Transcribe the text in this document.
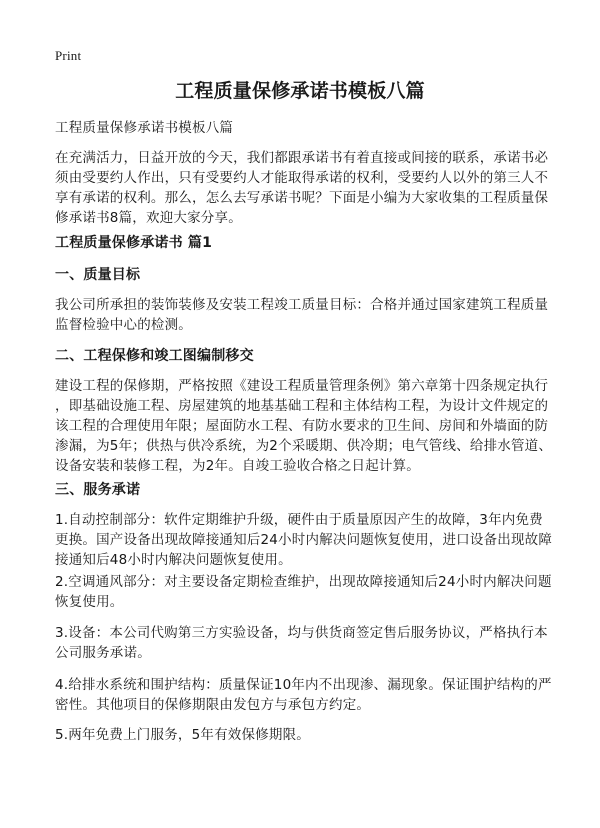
Print
工程质量保修承诺书模板八篇
工程质量保修承诺书模板八篇
在充满活力，日益开放的今天，我们都跟承诺书有着直接或间接的联系，承诺书必
须由受要约人作出，只有受要约人才能取得承诺的权利，受要约人以外的第三人不
享有承诺的权利。那么，怎么去写承诺书呢？下面是小编为大家收集的工程质量保
修承诺书8篇，欢迎大家分享。
工程质量保修承诺书 篇1
一、质量目标
我公司所承担的装饰装修及安装工程竣工质量目标：合格并通过国家建筑工程质量
监督检验中心的检测。
二、工程保修和竣工图编制移交
建设工程的保修期，严格按照《建设工程质量管理条例》第六章第十四条规定执行
，即基础设施工程、房屋建筑的地基基础工程和主体结构工程，为设计文件规定的
该工程的合理使用年限；屋面防水工程、有防水要求的卫生间、房间和外墙面的防
渗漏，为5年；供热与供冷系统，为2个采暖期、供冷期；电气管线、给排水管道、
设备安装和装修工程，为2年。自竣工验收合格之日起计算。
三、服务承诺
1.自动控制部分：软件定期维护升级，硬件由于质量原因产生的故障，3年内免费
更换。国产设备出现故障接通知后24小时内解决问题恢复使用，进口设备出现故障
接通知后48小时内解决问题恢复使用。
2.空调通风部分：对主要设备定期检查维护，出现故障接通知后24小时内解决问题
恢复使用。
3.设备：本公司代购第三方实验设备，均与供货商签定售后服务协议，严格执行本
公司服务承诺。
4.给排水系统和围护结构：质量保证10年内不出现渗、漏现象。保证围护结构的严
密性。其他项目的保修期限由发包方与承包方约定。
5.两年免费上门服务，5年有效保修期限。
